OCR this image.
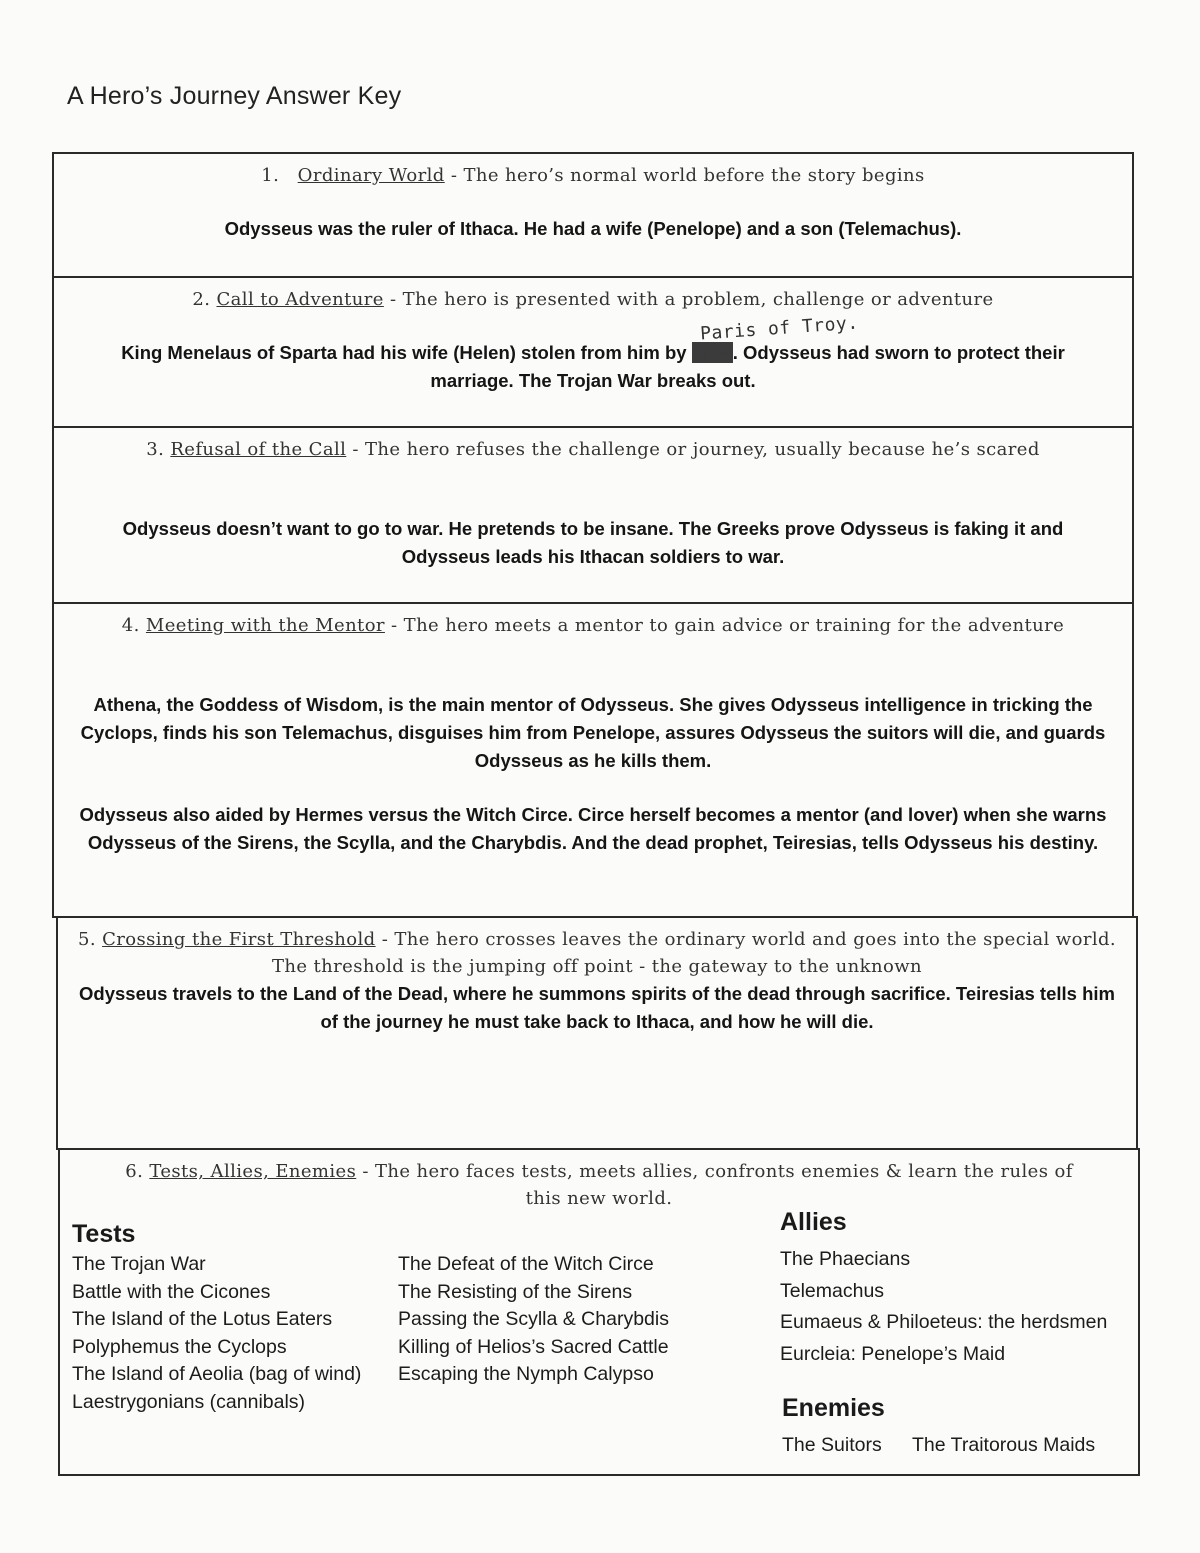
A Hero’s Journey Answer Key
1. Ordinary World - The hero’s normal world before the story begins
Odysseus was the ruler of Ithaca. He had a wife (Penelope) and a son (Telemachus).
2. Call to Adventure - The hero is presented with a problem, challenge or adventure
King Menelaus of Sparta had his wife (Helen) stolen from him by Troy. Odysseus had sworn to protect their marriage. The Trojan War breaks out.
Paris of Troy.
3. Refusal of the Call - The hero refuses the challenge or journey, usually because he’s scared
Odysseus doesn’t want to go to war. He pretends to be insane. The Greeks prove Odysseus is faking it and Odysseus leads his Ithacan soldiers to war.
4. Meeting with the Mentor - The hero meets a mentor to gain advice or training for the adventure
Athena, the Goddess of Wisdom, is the main mentor of Odysseus. She gives Odysseus intelligence in tricking the Cyclops, finds his son Telemachus, disguises him from Penelope, assures Odysseus the suitors will die, and guards Odysseus as he kills them.
Odysseus also aided by Hermes versus the Witch Circe. Circe herself becomes a mentor (and lover) when she warns Odysseus of the Sirens, the Scylla, and the Charybdis. And the dead prophet, Teiresias, tells Odysseus his destiny.
5. Crossing the First Threshold - The hero crosses leaves the ordinary world and goes into the special world. The threshold is the jumping off point - the gateway to the unknown
Odysseus travels to the Land of the Dead, where he summons spirits of the dead through sacrifice. Teiresias tells him of the journey he must take back to Ithaca, and how he will die.
6. Tests, Allies, Enemies - The hero faces tests, meets allies, confronts enemies & learn the rules of this new world.
Tests
The Trojan War
Battle with the Cicones
The Island of the Lotus Eaters
Polyphemus the Cyclops
The Island of Aeolia (bag of wind)
Laestrygonians (cannibals)
The Defeat of the Witch Circe
The Resisting of the Sirens
Passing the Scylla & Charybdis
Killing of Helios’s Sacred Cattle
Escaping the Nymph Calypso
Allies
The Phaecians
Telemachus
Eumaeus & Philoeteus: the herdsmen
Eurcleia: Penelope’s Maid
Enemies
The Suitors The Traitorous Maids
